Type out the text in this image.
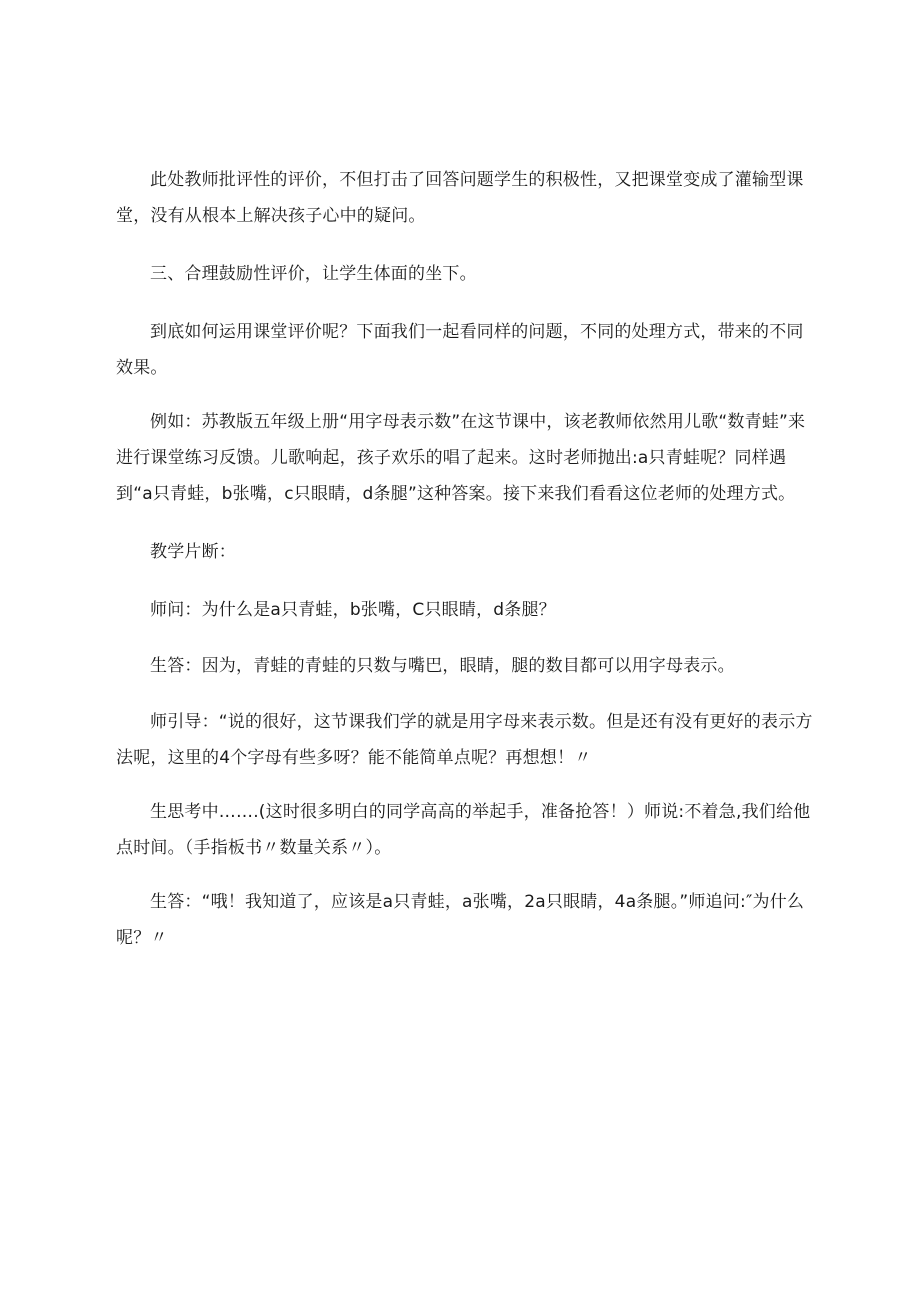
此处教师批评性的评价，不但打击了回答问题学生的积极性，又把课堂变成了灌输型课堂，没有从根本上解决孩子心中的疑问。

三、合理鼓励性评价，让学生体面的坐下。

到底如何运用课堂评价呢？下面我们一起看同样的问题，不同的处理方式，带来的不同效果。

例如：苏教版五年级上册“用字母表示数”在这节课中，该老教师依然用儿歌“数青蛙”来进行课堂练习反馈。儿歌响起，孩子欢乐的唱了起来。这时老师抛出:a只青蛙呢？同样遇到“a只青蛙，b张嘴，c只眼睛，d条腿”这种答案。接下来我们看看这位老师的处理方式。

教学片断：

师问：为什么是a只青蛙，b张嘴，C只眼睛，d条腿？

生答：因为，青蛙的青蛙的只数与嘴巴，眼睛，腿的数目都可以用字母表示。

师引导：“说的很好，这节课我们学的就是用字母来表示数。但是还有没有更好的表示方法呢，这里的4个字母有些多呀？能不能简单点呢？再想想！〃

生思考中…….(这时很多明白的同学高高的举起手，准备抢答！）师说:不着急,我们给他点时间。（手指板书〃数量关系〃）。

生答：“哦！我知道了，应该是a只青蛙，a张嘴，2a只眼睛，4a条腿。”师追问:″为什么呢？〃
